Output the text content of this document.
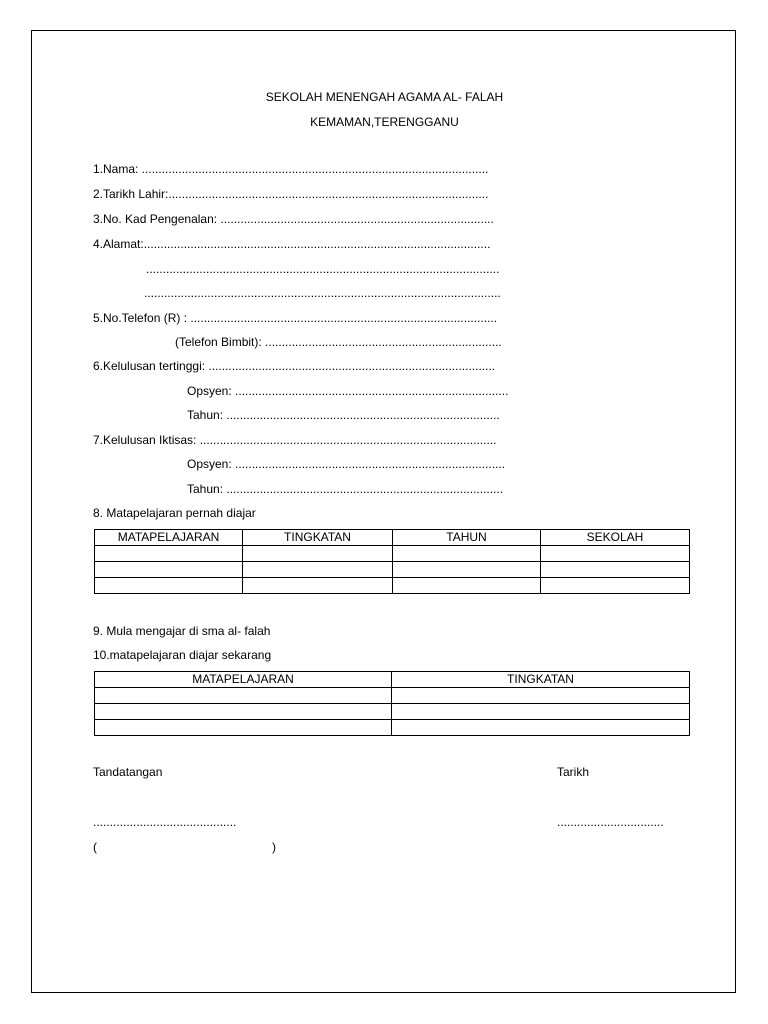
SEKOLAH MENENGAH AGAMA AL- FALAH
KEMAMAN,TERENGGANU
1.Nama: ........................................................................................................
2.Tarikh Lahir:................................................................................................
3.No. Kad Pengenalan: ..................................................................................
4.Alamat:........................................................................................................
..........................................................................................................
...........................................................................................................
5.No.Telefon (R) : ............................................................................................
(Telefon Bimbit): .......................................................................
6.Kelulusan tertinggi: ......................................................................................
Opsyen: ..................................................................................
Tahun: ..................................................................................
7.Kelulusan Iktisas: .........................................................................................
Opsyen: .................................................................................
Tahun: ...................................................................................
8. Matapelajaran pernah diajar
MATAPELAJARAN	TINGKATAN	TAHUN	SEKOLAH

9. Mula mengajar di sma al- falah
10.matapelajaran diajar sekarang
MATAPELAJARAN	TINGKATAN

Tandatangan	Tarikh
...........................................	................................
(	)
